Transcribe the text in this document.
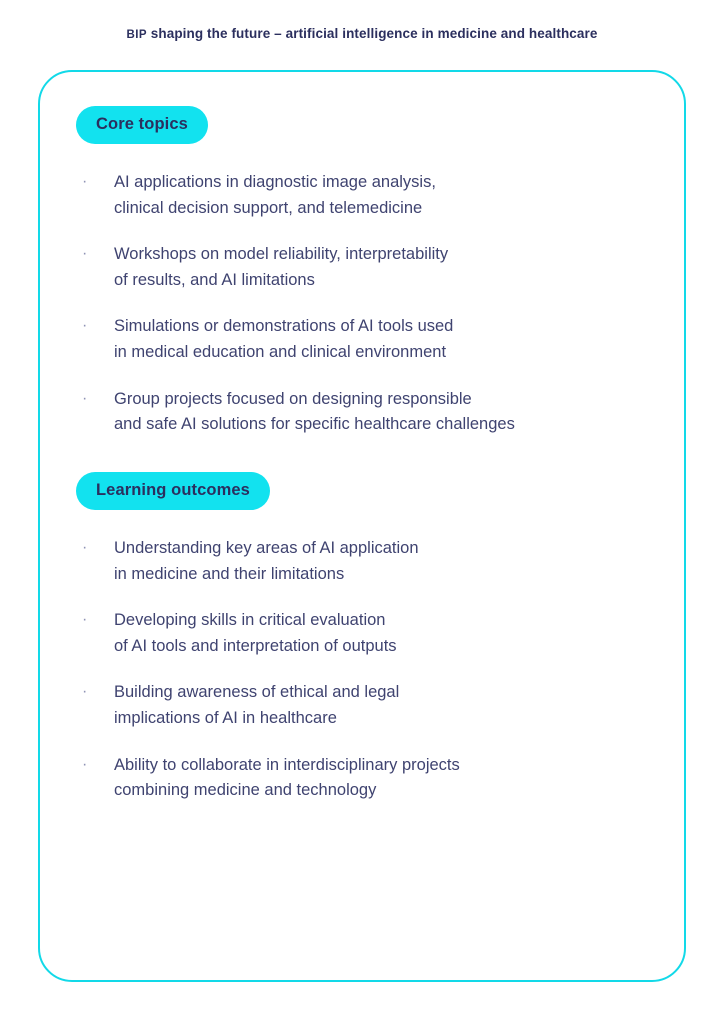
BIP shaping the future – artificial intelligence in medicine and healthcare
Core topics
· AI applications in diagnostic image analysis,
clinical decision support, and telemedicine
· Workshops on model reliability, interpretability
of results, and AI limitations
· Simulations or demonstrations of AI tools used
in medical education and clinical environment
· Group projects focused on designing responsible
and safe AI solutions for specific healthcare challenges
Learning outcomes
· Understanding key areas of AI application
in medicine and their limitations
· Developing skills in critical evaluation
of AI tools and interpretation of outputs
· Building awareness of ethical and legal
implications of AI in healthcare
· Ability to collaborate in interdisciplinary projects
combining medicine and technology
